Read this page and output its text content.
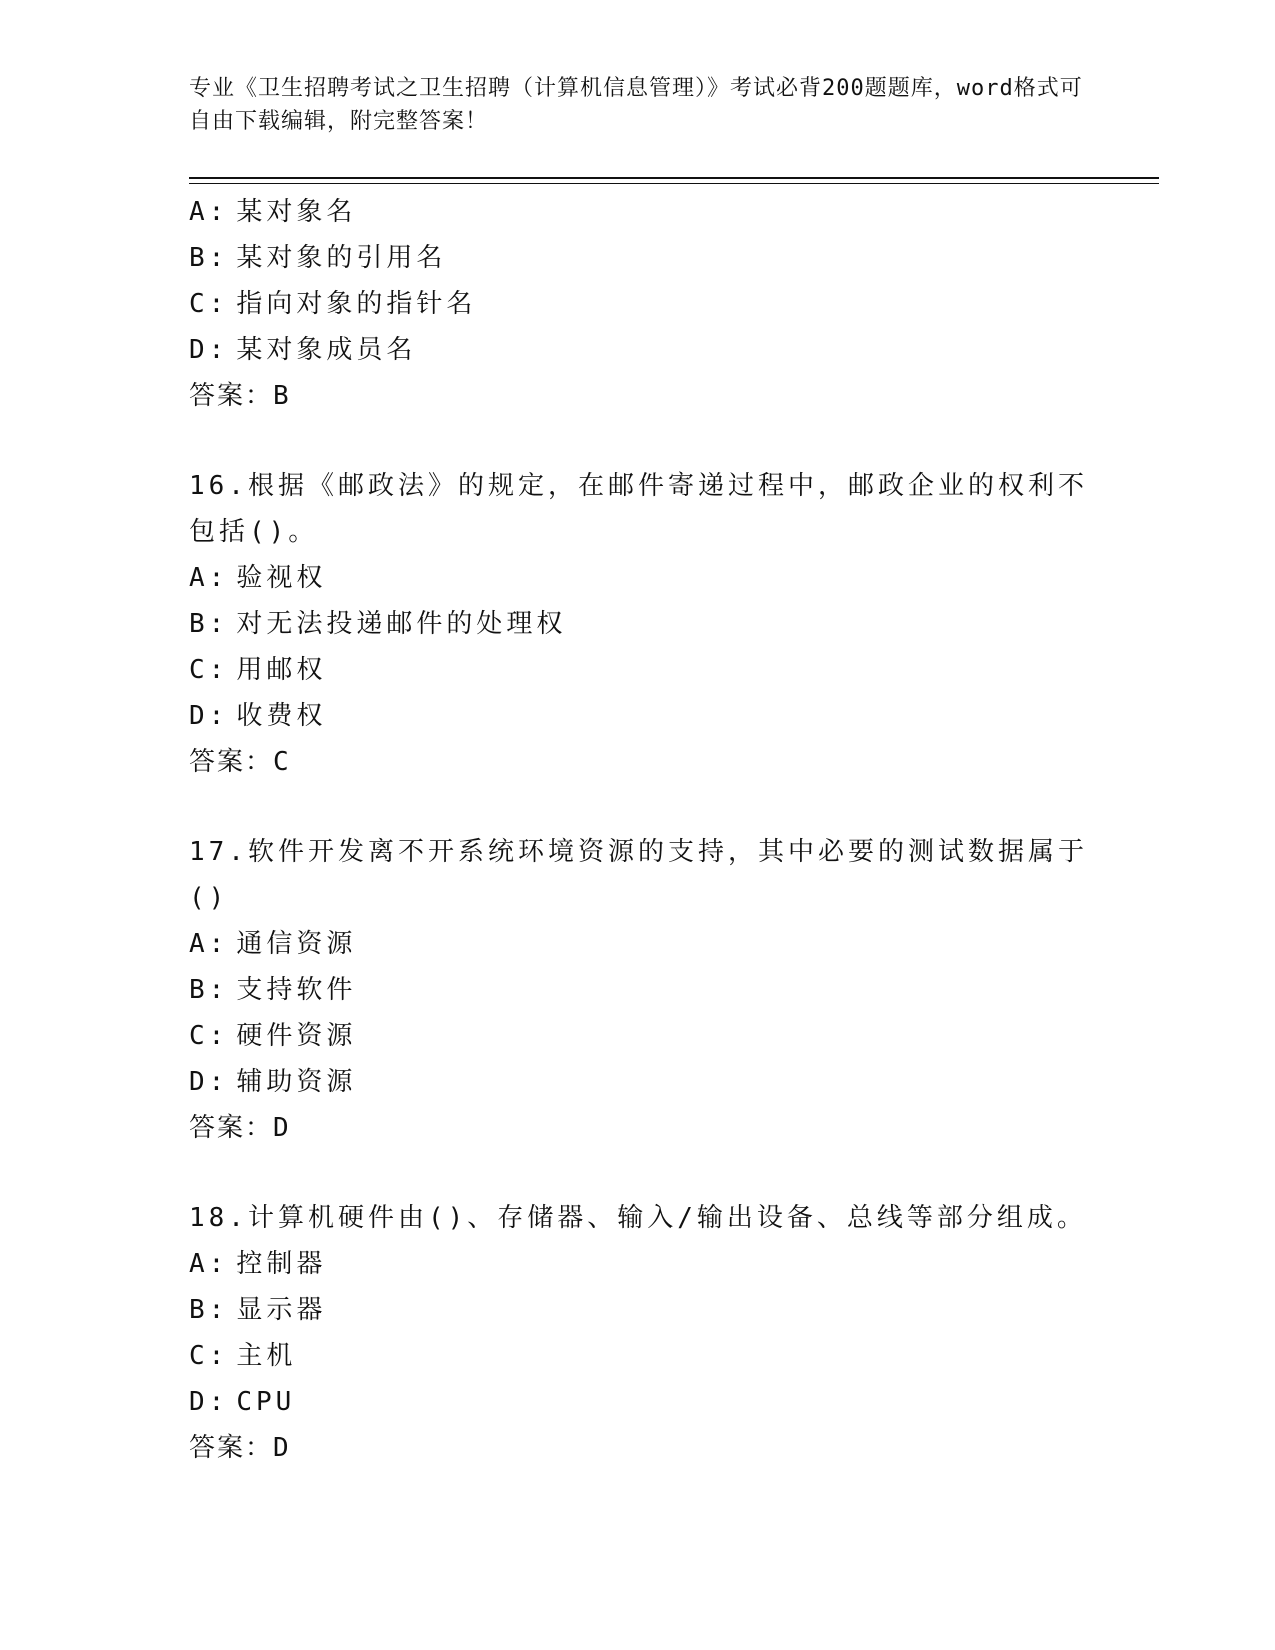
专业《卫生招聘考试之卫生招聘（计算机信息管理）》考试必背200题题库，word格式可自由下载编辑，附完整答案！
A: 某对象名
B: 某对象的引用名
C: 指向对象的指针名
D: 某对象成员名
答案：B
16.根据《邮政法》的规定，在邮件寄递过程中，邮政企业的权利不包括()。
A: 验视权
B: 对无法投递邮件的处理权
C: 用邮权
D: 收费权
答案：C
17.软件开发离不开系统环境资源的支持，其中必要的测试数据属于()
A: 通信资源
B: 支持软件
C: 硬件资源
D: 辅助资源
答案：D
18.计算机硬件由()、存储器、输入/输出设备、总线等部分组成。
A: 控制器
B: 显示器
C: 主机
D: CPU
答案：D
